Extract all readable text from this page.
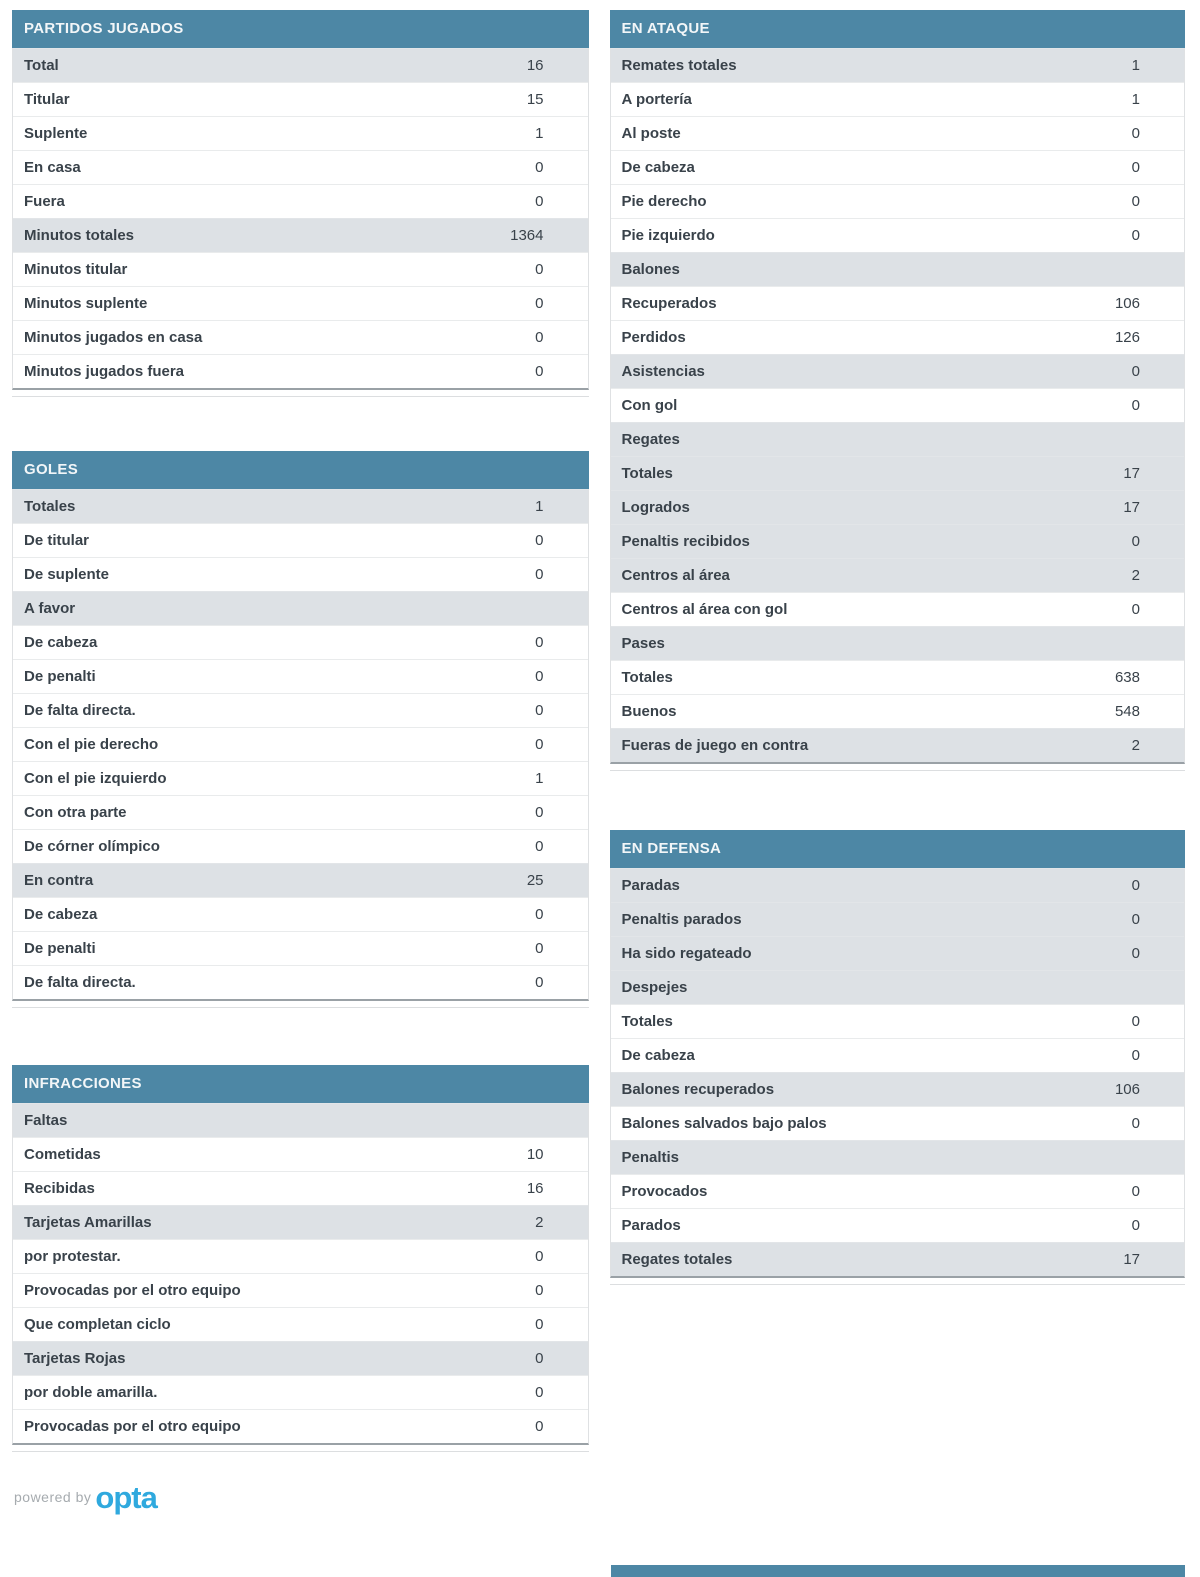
PARTIDOS JUGADOS
Total	16
Titular	15
Suplente	1
En casa	0
Fuera	0
Minutos totales	1364
Minutos titular	0
Minutos suplente	0
Minutos jugados en casa	0
Minutos jugados fuera	0
GOLES
Totales	1
De titular	0
De suplente	0
A favor
De cabeza	0
De penalti	0
De falta directa.	0
Con el pie derecho	0
Con el pie izquierdo	1
Con otra parte	0
De córner olímpico	0
En contra	25
De cabeza	0
De penalti	0
De falta directa.	0
INFRACCIONES
Faltas
Cometidas	10
Recibidas	16
Tarjetas Amarillas	2
por protestar.	0
Provocadas por el otro equipo	0
Que completan ciclo	0
Tarjetas Rojas	0
por doble amarilla.	0
Provocadas por el otro equipo	0
powered by opta
EN ATAQUE
Remates totales	1
A portería	1
Al poste	0
De cabeza	0
Pie derecho	0
Pie izquierdo	0
Balones
Recuperados	106
Perdidos	126
Asistencias	0
Con gol	0
Regates
Totales	17
Logrados	17
Penaltis recibidos	0
Centros al área	2
Centros al área con gol	0
Pases
Totales	638
Buenos	548
Fueras de juego en contra	2
EN DEFENSA
Paradas	0
Penaltis parados	0
Ha sido regateado	0
Despejes
Totales	0
De cabeza	0
Balones recuperados	106
Balones salvados bajo palos	0
Penaltis
Provocados	0
Parados	0
Regates totales	17
